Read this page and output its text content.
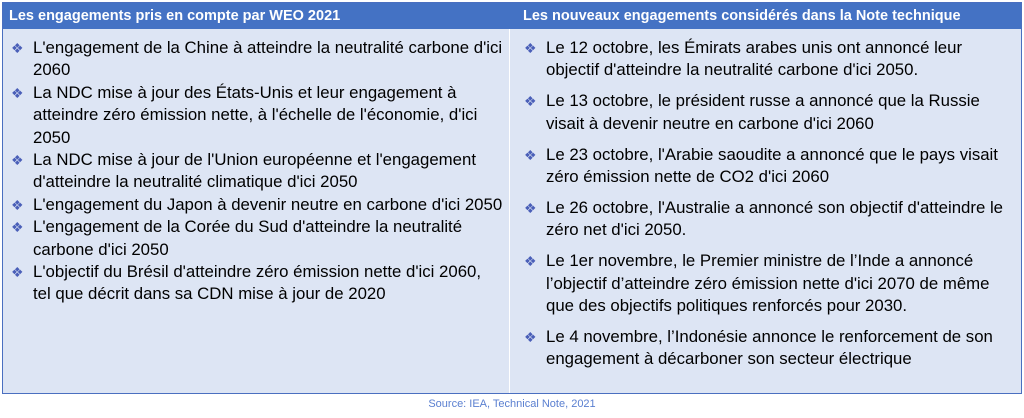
Les engagements pris en compte par WEO 2021	Les nouveaux engagements considérés dans la Note technique
❖ L'engagement de la Chine à atteindre la neutralité carbone d'ici 2060
❖ La NDC mise à jour des États-Unis et leur engagement à atteindre zéro émission nette, à l'échelle de l'économie, d'ici 2050
❖ La NDC mise à jour de l'Union européenne et l'engagement d'atteindre la neutralité climatique d'ici 2050
❖ L'engagement du Japon à devenir neutre en carbone d'ici 2050
❖ L'engagement de la Corée du Sud d'atteindre la neutralité carbone d'ici 2050
❖ L'objectif du Brésil d'atteindre zéro émission nette d'ici 2060, tel que décrit dans sa CDN mise à jour de 2020
❖ Le 12 octobre, les Émirats arabes unis ont annoncé leur objectif d'atteindre la neutralité carbone d'ici 2050.
❖ Le 13 octobre, le président russe a annoncé que la Russie visait à devenir neutre en carbone d'ici 2060
❖ Le 23 octobre, l'Arabie saoudite a annoncé que le pays visait zéro émission nette de CO2 d'ici 2060
❖ Le 26 octobre, l'Australie a annoncé son objectif d'atteindre le zéro net d'ici 2050.
❖ Le 1er novembre, le Premier ministre de l’Inde a annoncé l’objectif d’atteindre zéro émission nette d'ici 2070 de même que des objectifs politiques renforcés pour 2030.
❖ Le 4 novembre, l’Indonésie annonce le renforcement de son engagement à décarboner son secteur électrique
Source: IEA, Technical Note, 2021
